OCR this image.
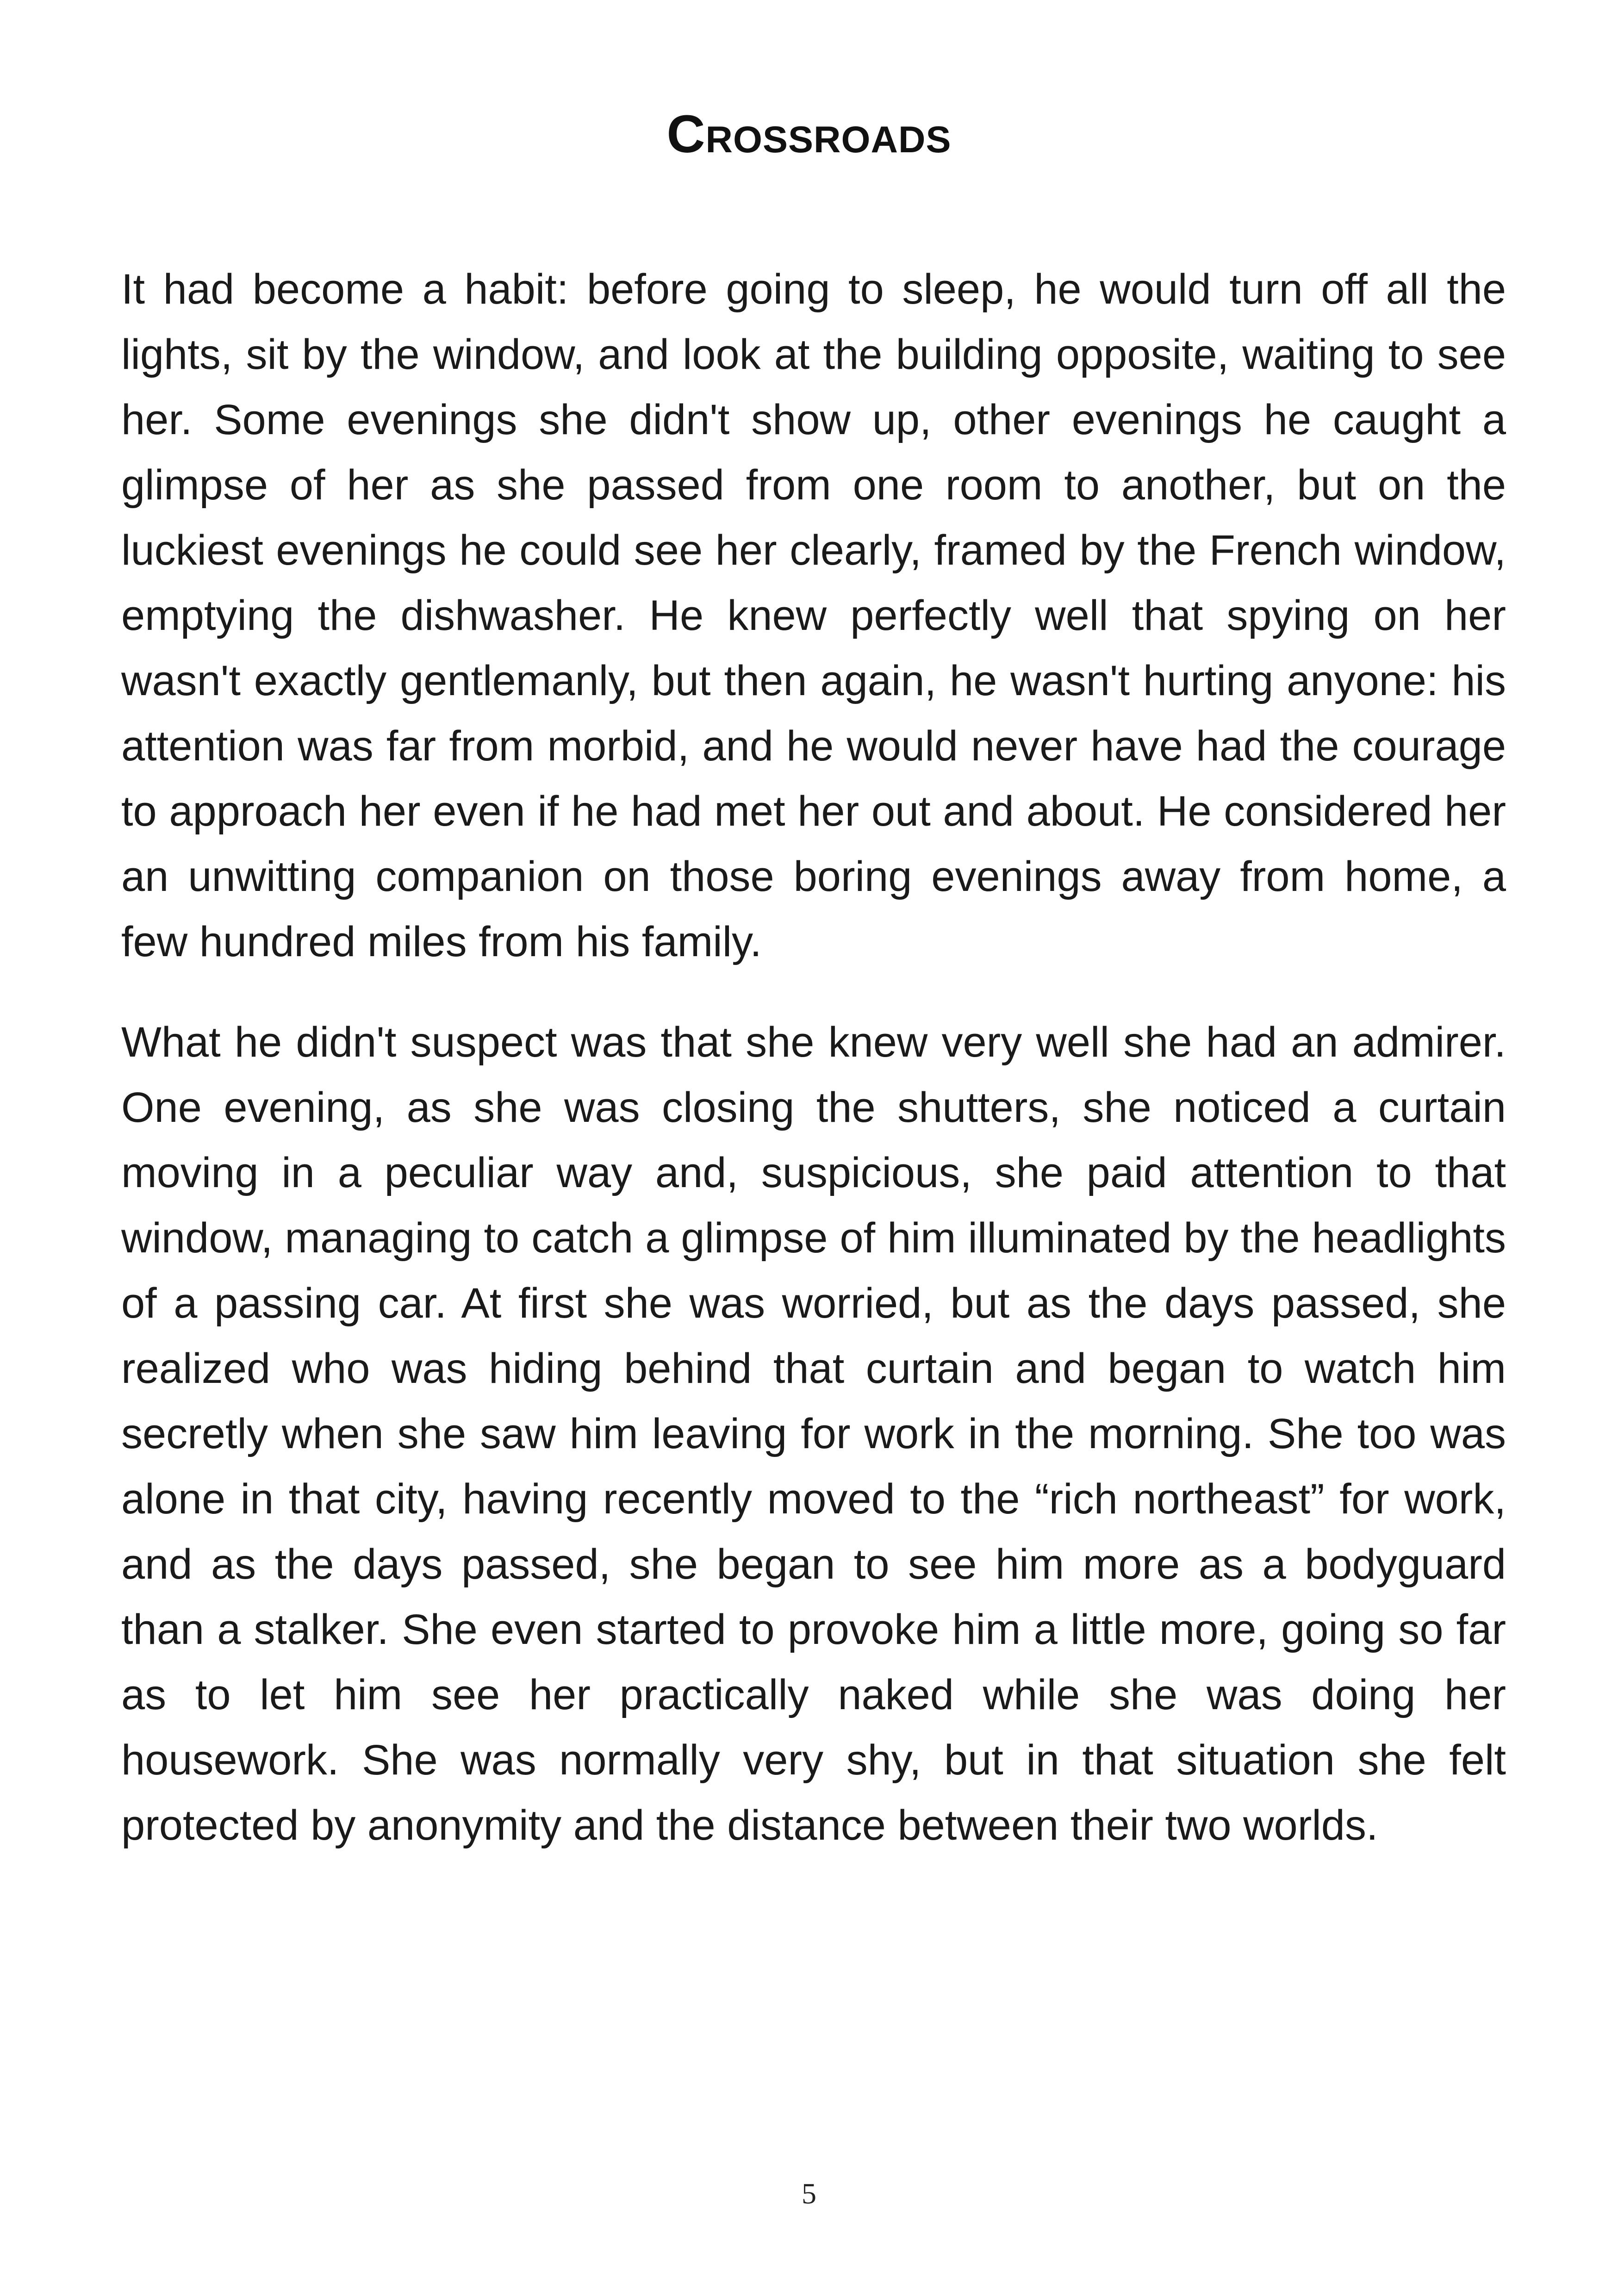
Crossroads

It had become a habit: before going to sleep, he would turn off all the lights, sit by the window, and look at the building opposite, waiting to see her. Some evenings she didn't show up, other evenings he caught a glimpse of her as she passed from one room to another, but on the luckiest evenings he could see her clearly, framed by the French window, emptying the dishwasher. He knew perfectly well that spying on her wasn't exactly gentlemanly, but then again, he wasn't hurting anyone: his attention was far from morbid, and he would never have had the courage to approach her even if he had met her out and about. He considered her an unwitting companion on those boring evenings away from home, a few hundred miles from his family.

What he didn't suspect was that she knew very well she had an admirer. One evening, as she was closing the shutters, she noticed a curtain moving in a peculiar way and, suspicious, she paid attention to that window, managing to catch a glimpse of him illuminated by the headlights of a passing car. At first she was worried, but as the days passed, she realized who was hiding behind that curtain and began to watch him secretly when she saw him leaving for work in the morning. She too was alone in that city, having recently moved to the “rich northeast” for work, and as the days passed, she began to see him more as a bodyguard than a stalker. She even started to provoke him a little more, going so far as to let him see her practically naked while she was doing her housework. She was normally very shy, but in that situation she felt protected by anonymity and the distance between their two worlds.

5
